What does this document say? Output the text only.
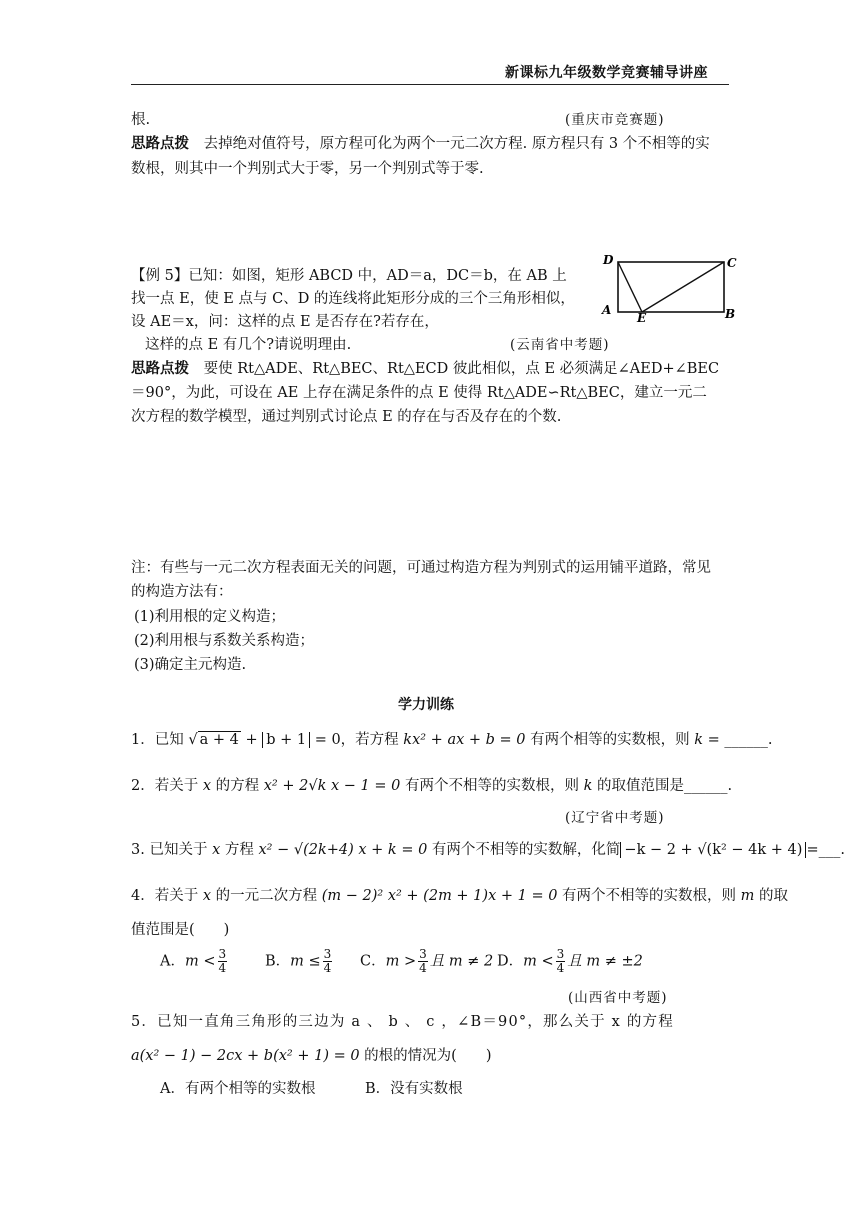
新课标九年级数学竞赛辅导讲座
根.	(重庆市竞赛题)
思路点拨 去掉绝对值符号，原方程可化为两个一元二次方程. 原方程只有 3 个不相等的实
数根，则其中一个判别式大于零，另一个判别式等于零.
【例 5】已知：如图，矩形 ABCD 中，AD＝a，DC＝b，在 AB 上
找一点 E，使 E 点与 C、D 的连线将此矩形分成的三个三角形相似，
设 AE＝x，问：这样的点 E 是否存在?若存在，
这样的点 E 有几个?请说明理由.	(云南省中考题)
D	C
A	B
E
思路点拨 要使 Rt△ADE、Rt△BEC、Rt△ECD 彼此相似，点 E 必须满足∠AED+∠BEC
＝90°，为此，可设在 AE 上存在满足条件的点 E 使得 Rt△ADE∽Rt△BEC，建立一元二
次方程的数学模型，通过判别式讨论点 E 的存在与否及存在的个数.
注：有些与一元二次方程表面无关的问题，可通过构造方程为判别式的运用铺平道路，常见
的构造方法有：
(1)利用根的定义构造；
(2)利用根与系数关系构造；
(3)确定主元构造.
学力训练
1．已知 √ a + 4 + b + 1 = 0，若方程 kx² + ax + b = 0 有两个相等的实数根，则 k = ______.
2．若关于 x 的方程 x² + 2√k x − 1 = 0 有两个不相等的实数根，则 k 的取值范围是______.
(辽宁省中考题)
3. 已知关于 x 方程 x² − √(2k+4) x + k = 0 有两个不相等的实数解，化简 −k − 2 + √(k² − 4k + 4) =___.
4．若关于 x 的一元二次方程 (m − 2)² x² + (2m + 1)x + 1 = 0 有两个不相等的实数根，则 m 的取
值范围是(　　)
A．$m < \frac{3}{4}$	B．$m \le \frac{3}{4}$ C．$m > \frac{3}{4}$ 且 m ≠ 2 D．$m < \frac{3}{4}$ 且 m ≠ ±2
(山西省中考题)
5．已知一直角三角形的三边为 a 、 b 、 c ，∠B＝90°，那么关于 x 的方程
a(x² − 1) − 2cx + b(x² + 1) = 0 的根的情况为(　　)
A．有两个相等的实数根	B．没有实数根
